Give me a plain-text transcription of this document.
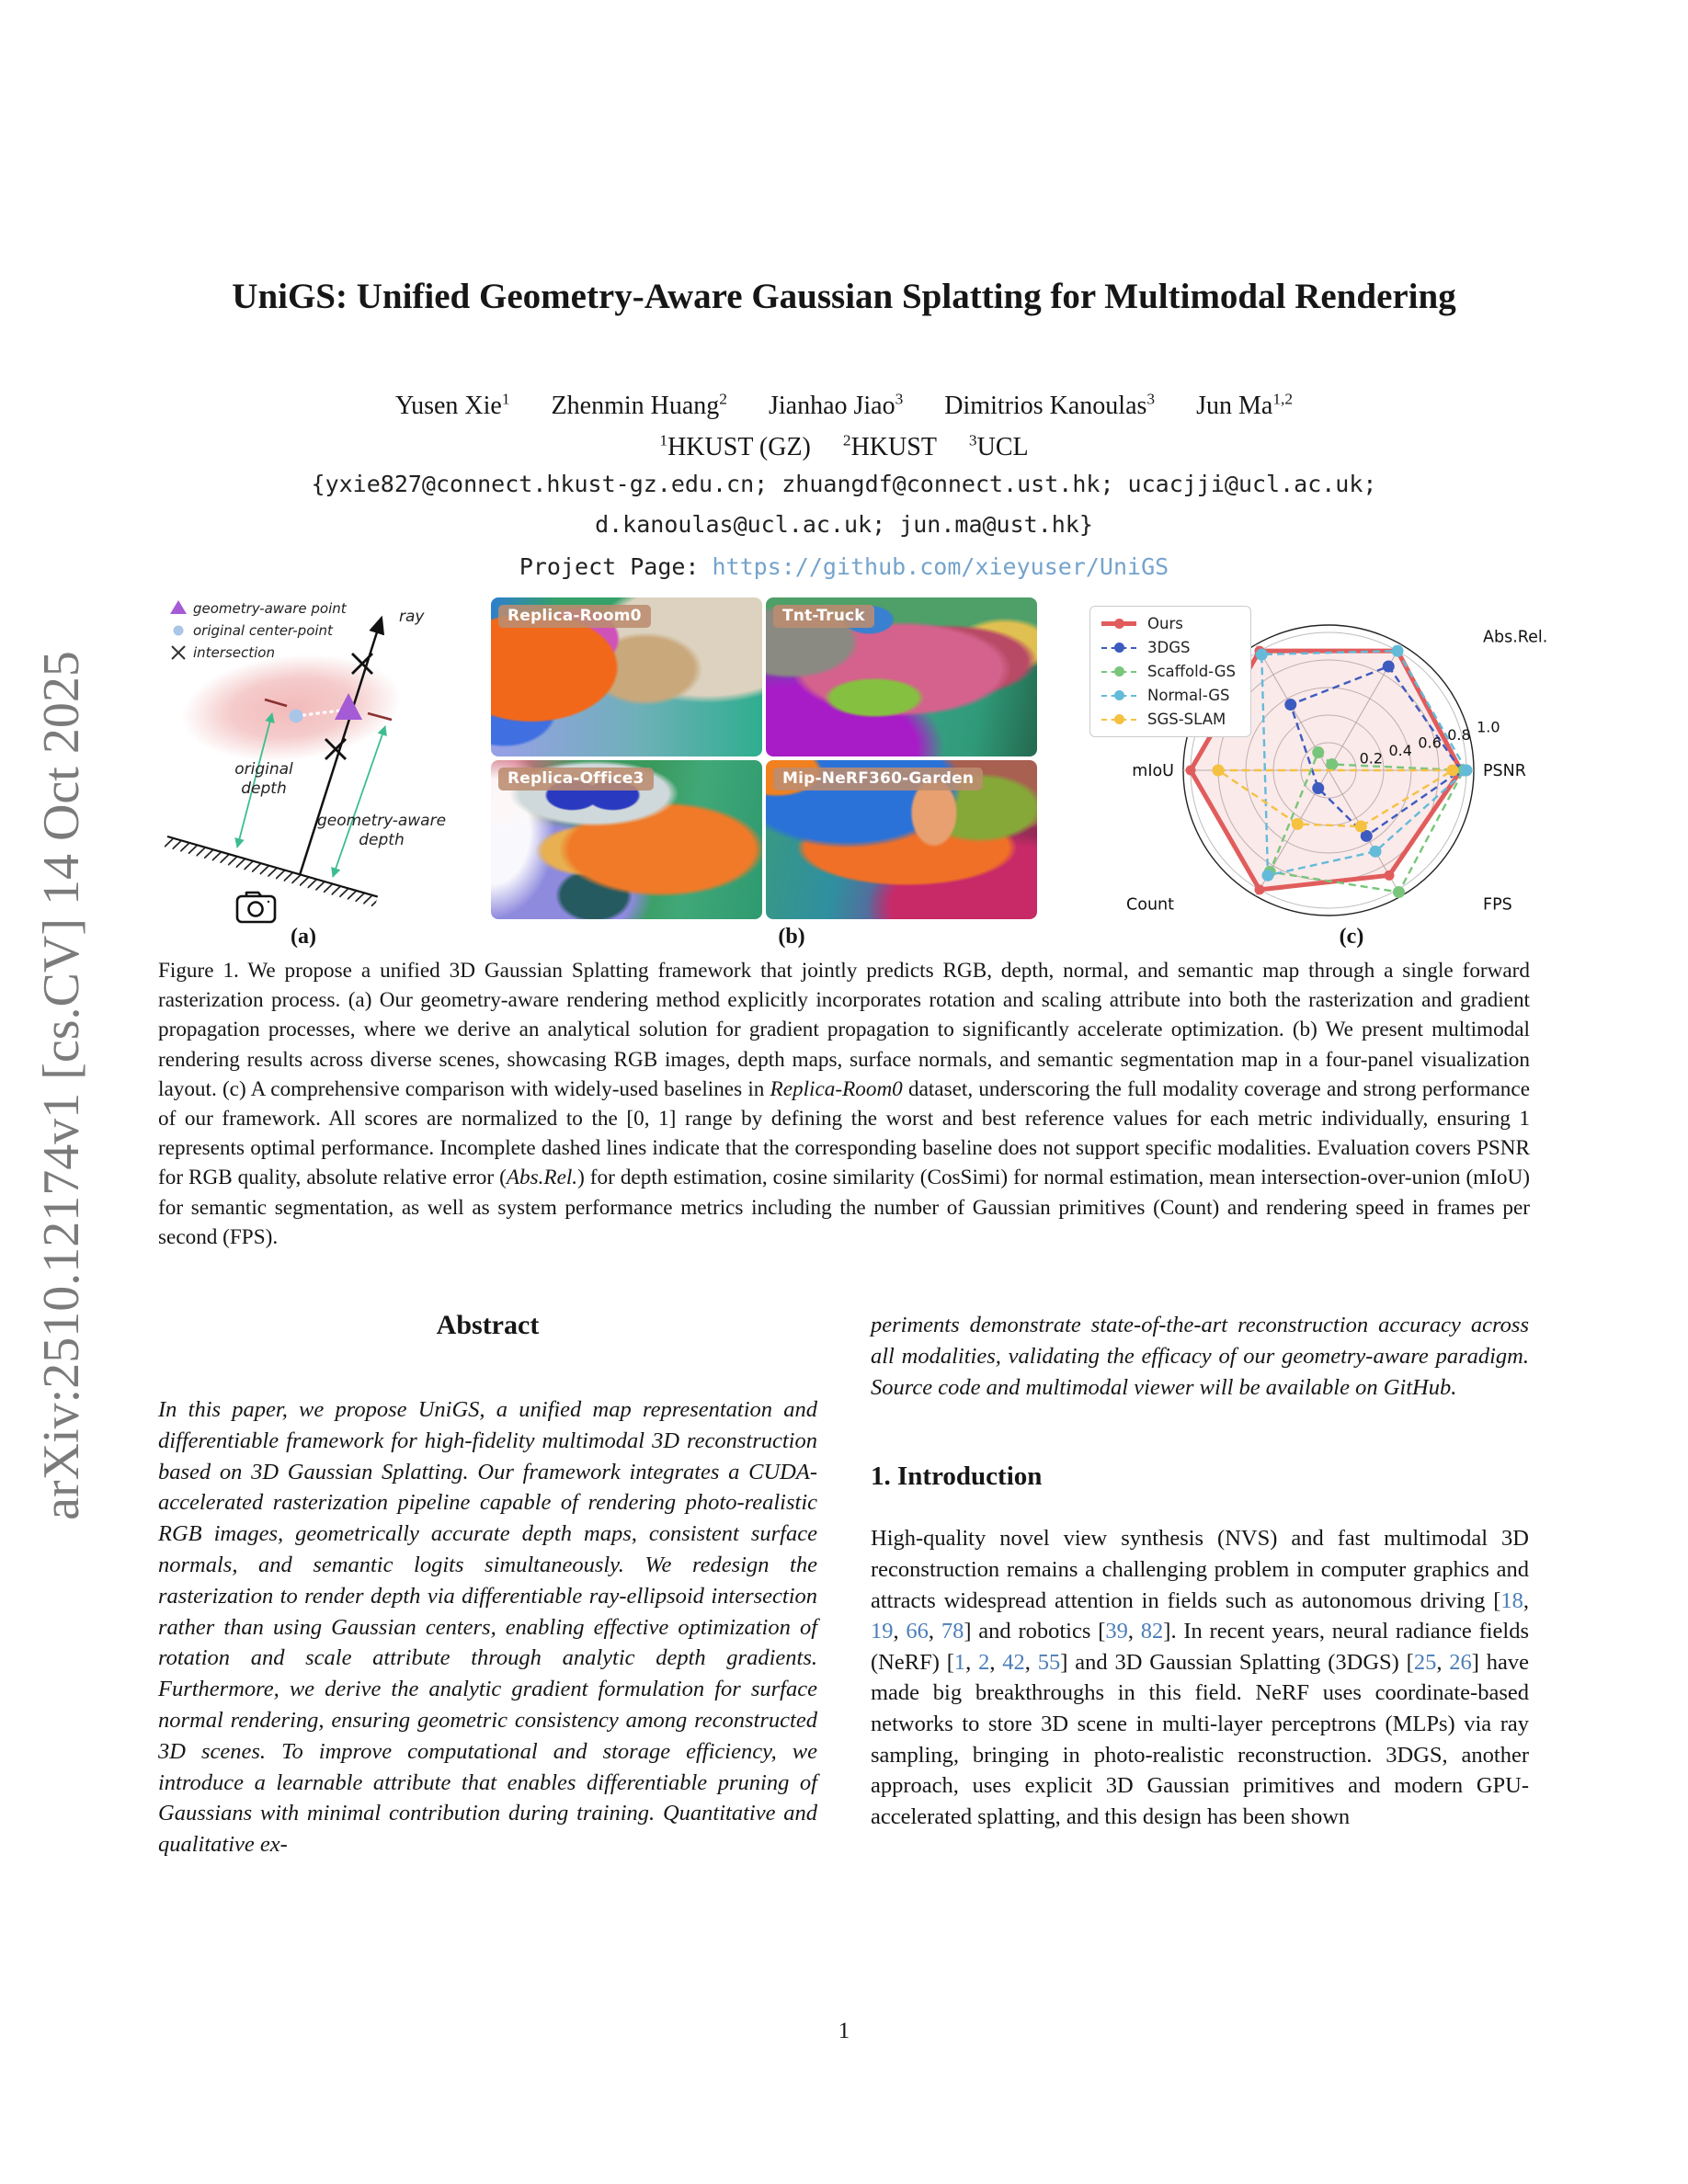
arXiv:2510.12174v1 [cs.CV] 14 Oct 2025
UniGS: Unified Geometry-Aware Gaussian Splatting for Multimodal Rendering
Yusen Xie$^1$ Zhenmin Huang$^2$ Jianhao Jiao$^3$ Dimitrios Kanoulas$^3$ Jun Ma$^{1,2}$
$^1$HKUST (GZ) $^2$HKUST $^3$UCL
{yxie827@connect.hkust-gz.edu.cn; zhuangdf@connect.ust.hk; ucacjji@ucl.ac.uk;
d.kanoulas@ucl.ac.uk; jun.ma@ust.hk}
Project Page: https://github.com/xieyuser/UniGS
ray
original
depth
geometry-aware
depth
geometry-aware point
original center-point
intersection
Replica-Room0	Tnt-Truck
Replica-Office3	Mip-NeRF360-Garden
Ours
3DGS
Scaffold-GS
Normal-GS
SGS-SLAM
0.2 0.4 0.6 0.8 1.0
PSNR
Abs.Rel.
mIoU
Count	FPS
(a)	(b)	(c)
Figure 1. We propose a unified 3D Gaussian Splatting framework that jointly predicts RGB, depth, normal, and semantic map through a single forward rasterization process. (a) Our geometry-aware rendering method explicitly incorporates rotation and scaling attribute into both the rasterization and gradient propagation processes, where we derive an analytical solution for gradient propagation to significantly accelerate optimization. (b) We present multimodal rendering results across diverse scenes, showcasing RGB images, depth maps, surface normals, and semantic segmentation map in a four-panel visualization layout. (c) A comprehensive comparison with widely-used baselines in Replica-Room0 dataset, underscoring the full modality coverage and strong performance of our framework. All scores are normalized to the [0, 1] range by defining the worst and best reference values for each metric individually, ensuring 1 represents optimal performance. Incomplete dashed lines indicate that the corresponding baseline does not support specific modalities. Evaluation covers PSNR for RGB quality, absolute relative error (Abs.Rel.) for depth estimation, cosine similarity (CosSimi) for normal estimation, mean intersection-over-union (mIoU) for semantic segmentation, as well as system performance metrics including the number of Gaussian primitives (Count) and rendering speed in frames per second (FPS).
Abstract

In this paper, we propose UniGS, a unified map representation and differentiable framework for high-fidelity multimodal 3D reconstruction based on 3D Gaussian Splatting. Our framework integrates a CUDA-accelerated rasterization pipeline capable of rendering photo-realistic RGB images, geometrically accurate depth maps, consistent surface normals, and semantic logits simultaneously. We redesign the rasterization to render depth via differentiable ray-ellipsoid intersection rather than using Gaussian centers, enabling effective optimization of rotation and scale attribute through analytic depth gradients. Furthermore, we derive the analytic gradient formulation for surface normal rendering, ensuring geometric consistency among reconstructed 3D scenes. To improve computational and storage efficiency, we introduce a learnable attribute that enables differentiable pruning of Gaussians with minimal contribution during training. Quantitative and qualitative ex-

periments demonstrate state-of-the-art reconstruction accuracy across all modalities, validating the efficacy of our geometry-aware paradigm. Source code and multimodal viewer will be available on GitHub.

1. Introduction

High-quality novel view synthesis (NVS) and fast multimodal 3D reconstruction remains a challenging problem in computer graphics and attracts widespread attention in fields such as autonomous driving [18, 19, 66, 78] and robotics [39, 82]. In recent years, neural radiance fields (NeRF) [1, 2, 42, 55] and 3D Gaussian Splatting (3DGS) [25, 26] have made big breakthroughs in this field. NeRF uses coordinate-based networks to store 3D scene in multi-layer perceptrons (MLPs) via ray sampling, bringing in photo-realistic reconstruction. 3DGS, another approach, uses explicit 3D Gaussian primitives and modern GPU-accelerated splatting, and this design has been shown

1
